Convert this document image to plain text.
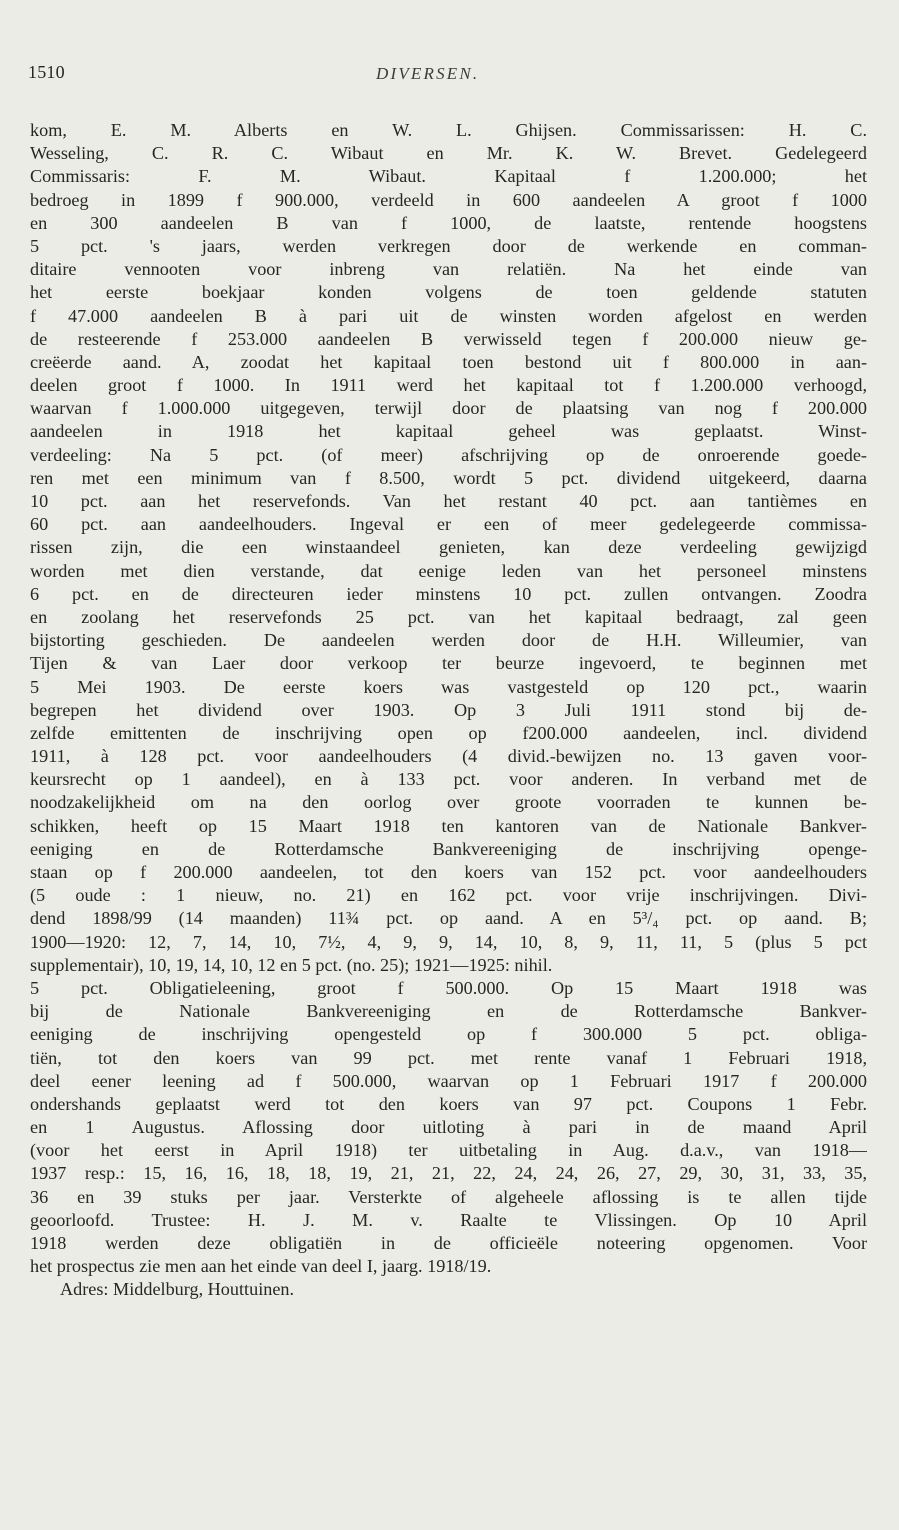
1510	DIVERSEN.
kom, E. M. Alberts en W. L. Ghijsen. Commissarissen: H. C.
Wesseling, C. R. C. Wibaut en Mr. K. W. Brevet. Gedelegeerd
Commissaris: F. M. Wibaut. Kapitaal f 1.200.000; het
bedroeg in 1899 f 900.000, verdeeld in 600 aandeelen A groot f 1000
en 300 aandeelen B van f 1000, de laatste, rentende hoogstens
5 pct. 's jaars, werden verkregen door de werkende en comman-
ditaire vennooten voor inbreng van relatiën. Na het einde van
het eerste boekjaar konden volgens de toen geldende statuten
f 47.000 aandeelen B à pari uit de winsten worden afgelost en werden
de resteerende f 253.000 aandeelen B verwisseld tegen f 200.000 nieuw ge-
creëerde aand. A, zoodat het kapitaal toen bestond uit f 800.000 in aan-
deelen groot f 1000. In 1911 werd het kapitaal tot f 1.200.000 verhoogd,
waarvan f 1.000.000 uitgegeven, terwijl door de plaatsing van nog f 200.000
aandeelen in 1918 het kapitaal geheel was geplaatst. Winst-
verdeeling: Na 5 pct. (of meer) afschrijving op de onroerende goede-
ren met een minimum van f 8.500, wordt 5 pct. dividend uitgekeerd, daarna
10 pct. aan het reservefonds. Van het restant 40 pct. aan tantièmes en
60 pct. aan aandeelhouders. Ingeval er een of meer gedelegeerde commissa-
rissen zijn, die een winstaandeel genieten, kan deze verdeeling gewijzigd
worden met dien verstande, dat eenige leden van het personeel minstens
6 pct. en de directeuren ieder minstens 10 pct. zullen ontvangen. Zoodra
en zoolang het reservefonds 25 pct. van het kapitaal bedraagt, zal geen
bijstorting geschieden. De aandeelen werden door de H.H. Willeumier, van
Tijen & van Laer door verkoop ter beurze ingevoerd, te beginnen met
5 Mei 1903. De eerste koers was vastgesteld op 120 pct., waarin
begrepen het dividend over 1903. Op 3 Juli 1911 stond bij de-
zelfde emittenten de inschrijving open op f200.000 aandeelen, incl. dividend
1911, à 128 pct. voor aandeelhouders (4 divid.-bewijzen no. 13 gaven voor-
keursrecht op 1 aandeel), en à 133 pct. voor anderen. In verband met de
noodzakelijkheid om na den oorlog over groote voorraden te kunnen be-
schikken, heeft op 15 Maart 1918 ten kantoren van de Nationale Bankver-
eeniging en de Rotterdamsche Bankvereeniging de inschrijving openge-
staan op f 200.000 aandeelen, tot den koers van 152 pct. voor aandeelhouders
(5 oude : 1 nieuw, no. 21) en 162 pct. voor vrije inschrijvingen. Divi-
dend 1898/99 (14 maanden) 11¾ pct. op aand. A en 5³/₄ pct. op aand. B;
1900—1920: 12, 7, 14, 10, 7½, 4, 9, 9, 14, 10, 8, 9, 11, 11, 5 (plus 5 pct
supplementair), 10, 19, 14, 10, 12 en 5 pct. (no. 25); 1921—1925: nihil.
5 pct. Obligatieleening, groot f 500.000. Op 15 Maart 1918 was
bij de Nationale Bankvereeniging en de Rotterdamsche Bankver-
eeniging de inschrijving opengesteld op f 300.000 5 pct. obliga-
tiën, tot den koers van 99 pct. met rente vanaf 1 Februari 1918,
deel eener leening ad f 500.000, waarvan op 1 Februari 1917 f 200.000
ondershands geplaatst werd tot den koers van 97 pct. Coupons 1 Febr.
en 1 Augustus. Aflossing door uitloting à pari in de maand April
(voor het eerst in April 1918) ter uitbetaling in Aug. d.a.v., van 1918—
1937 resp.: 15, 16, 16, 18, 18, 19, 21, 21, 22, 24, 24, 26, 27, 29, 30, 31, 33, 35,
36 en 39 stuks per jaar. Versterkte of algeheele aflossing is te allen tijde
geoorloofd. Trustee: H. J. M. v. Raalte te Vlissingen. Op 10 April
1918 werden deze obligatiën in de officieële noteering opgenomen. Voor
het prospectus zie men aan het einde van deel I, jaarg. 1918/19.
Adres: Middelburg, Houttuinen.
